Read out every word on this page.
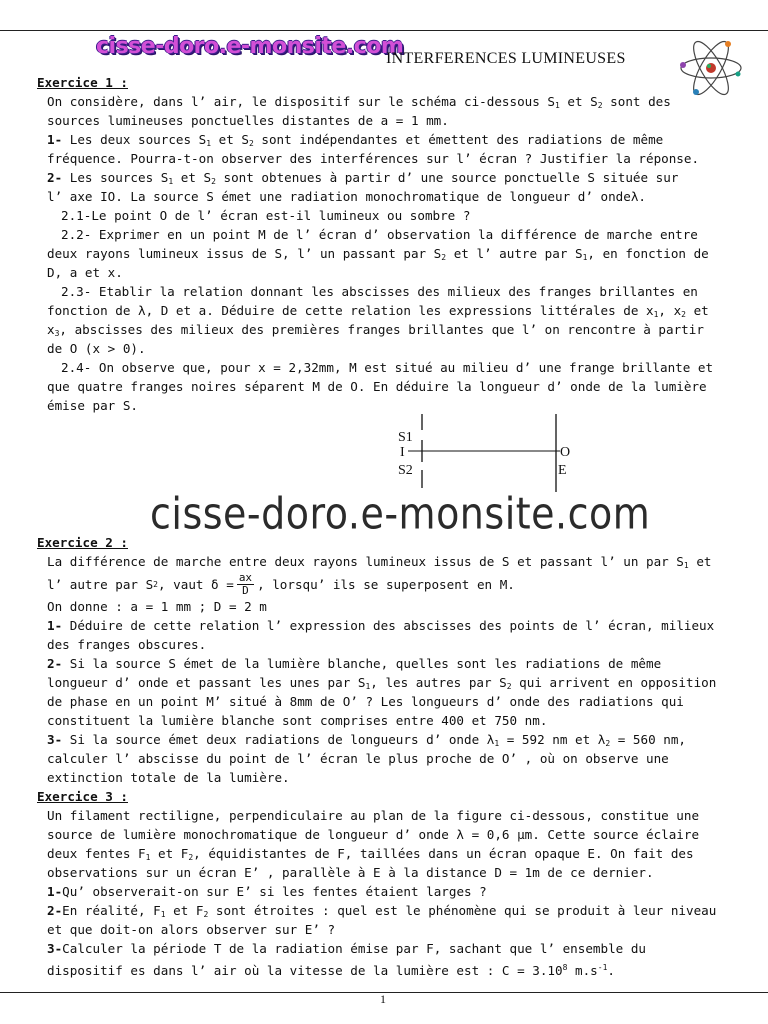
cisse-doro.e-monsite.com
INTERFERENCES LUMINEUSES
Exercice 1 :
On considère, dans l’ air, le dispositif sur le schéma ci-dessous $S_1$ et $S_2$ sont des
sources lumineuses ponctuelles distantes de a = 1 mm.
1- Les deux sources $S_1$ et $S_2$ sont indépendantes et émettent des radiations de même
fréquence. Pourra-t-on observer des interférences sur l’ écran ? Justifier la réponse.
2- Les sources $S_1$ et $S_2$ sont obtenues à partir d’ une source ponctuelle S située sur
l’ axe IO. La source S émet une radiation monochromatique de longueur d’ ondeλ.
2.1-Le point O de l’ écran est-il lumineux ou sombre ?
2.2- Exprimer en un point M de l’ écran d’ observation la différence de marche entre
deux rayons lumineux issus de S, l’ un passant par $S_2$ et l’ autre par $S_1$, en fonction de
D, a et x.
2.3- Etablir la relation donnant les abscisses des milieux des franges brillantes en
fonction de λ, D et a. Déduire de cette relation les expressions littérales de $x_1$, $x_2$ et
$x_3$, abscisses des milieux des premières franges brillantes que l’ on rencontre à partir
de O (x > 0).
2.4- On observe que, pour x = 2,32mm, M est situé au milieu d’ une frange brillante et
que quatre franges noires séparent M de O. En déduire la longueur d’ onde de la lumière
émise par S.
Exercice 2 :
La différence de marche entre deux rayons lumineux issus de S et passant l’ un par $S_1$ et
l’ autre par S 2 , vaut $\delta = \frac{ax}{D}$ , lorsqu’ ils se superposent en M.
On donne : a = 1 mm ; D = 2 m
1- Déduire de cette relation l’ expression des abscisses des points de l’ écran, milieux
des franges obscures.
2- Si la source S émet de la lumière blanche, quelles sont les radiations de même
longueur d’ onde et passant les unes par $S_1$, les autres par $S_2$ qui arrivent en opposition
de phase en un point M’ situé à 8mm de O’ ? Les longueurs d’ onde des radiations qui
constituent la lumière blanche sont comprises entre 400 et 750 nm.
3- Si la source émet deux radiations de longueurs d’ onde $\lambda_1 = 592$ nm et $\lambda_2 = 560$ nm,
calculer l’ abscisse du point de l’ écran le plus proche de O’ , où on observe une
extinction totale de la lumière.
Exercice 3 :
Un filament rectiligne, perpendiculaire au plan de la figure ci-dessous, constitue une
source de lumière monochromatique de longueur d’ onde λ = 0,6 μm. Cette source éclaire
deux fentes $F_1$ et $F_2$, équidistantes de F, taillées dans un écran opaque E. On fait des
observations sur un écran E’ , parallèle à E à la distance D = 1m de ce dernier.
1-Qu’ observerait-on sur E’ si les fentes étaient larges ?
2-En réalité, $F_1$ et $F_2$ sont étroites : quel est le phénomène qui se produit à leur niveau
et que doit-on alors observer sur E’ ?
3-Calculer la période T de la radiation émise par F, sachant que l’ ensemble du
dispositif es dans l’ air où la vitesse de la lumière est : $C = 3.10^8$ $m.s^{-1}$.
S1
I
S2
O
E
cisse-doro.e-monsite.com
1
